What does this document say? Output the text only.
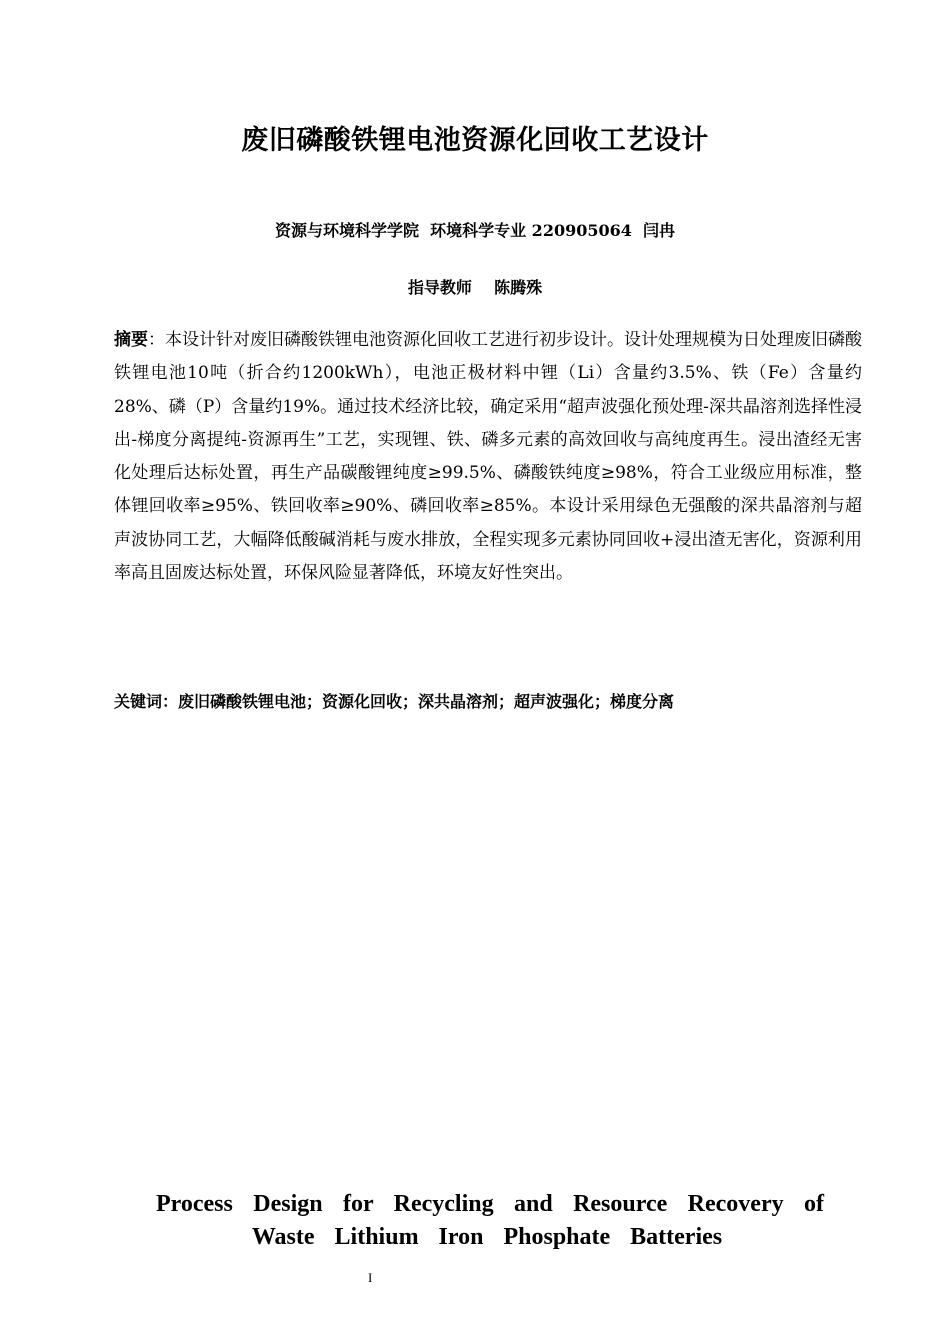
废旧磷酸铁锂电池资源化回收工艺设计
资源与环境科学学院  环境科学专业 220905064  闫冉
指导教师    陈腾殊
摘要：本设计针对废旧磷酸铁锂电池资源化回收工艺进行初步设计。设计处理规模为日处理废旧磷酸铁锂电池10吨（折合约1200kWh），电池正极材料中锂（Li）含量约3.5%、铁（Fe）含量约28%、磷（P）含量约19%。通过技术经济比较，确定采用“超声波强化预处理-深共晶溶剂选择性浸出-梯度分离提纯-资源再生”工艺，实现锂、铁、磷多元素的高效回收与高纯度再生。浸出渣经无害化处理后达标处置，再生产品碳酸锂纯度≥99.5%、磷酸铁纯度≥98%，符合工业级应用标准，整体锂回收率≥95%、铁回收率≥90%、磷回收率≥85%。本设计采用绿色无强酸的深共晶溶剂与超声波协同工艺，大幅降低酸碱消耗与废水排放，全程实现多元素协同回收+浸出渣无害化，资源利用率高且固废达标处置，环保风险显著降低，环境友好性突出。
关键词：废旧磷酸铁锂电池；资源化回收；深共晶溶剂；超声波强化；梯度分离
Process Design for Recycling and Resource Recovery of
Waste Lithium Iron Phosphate Batteries
I
